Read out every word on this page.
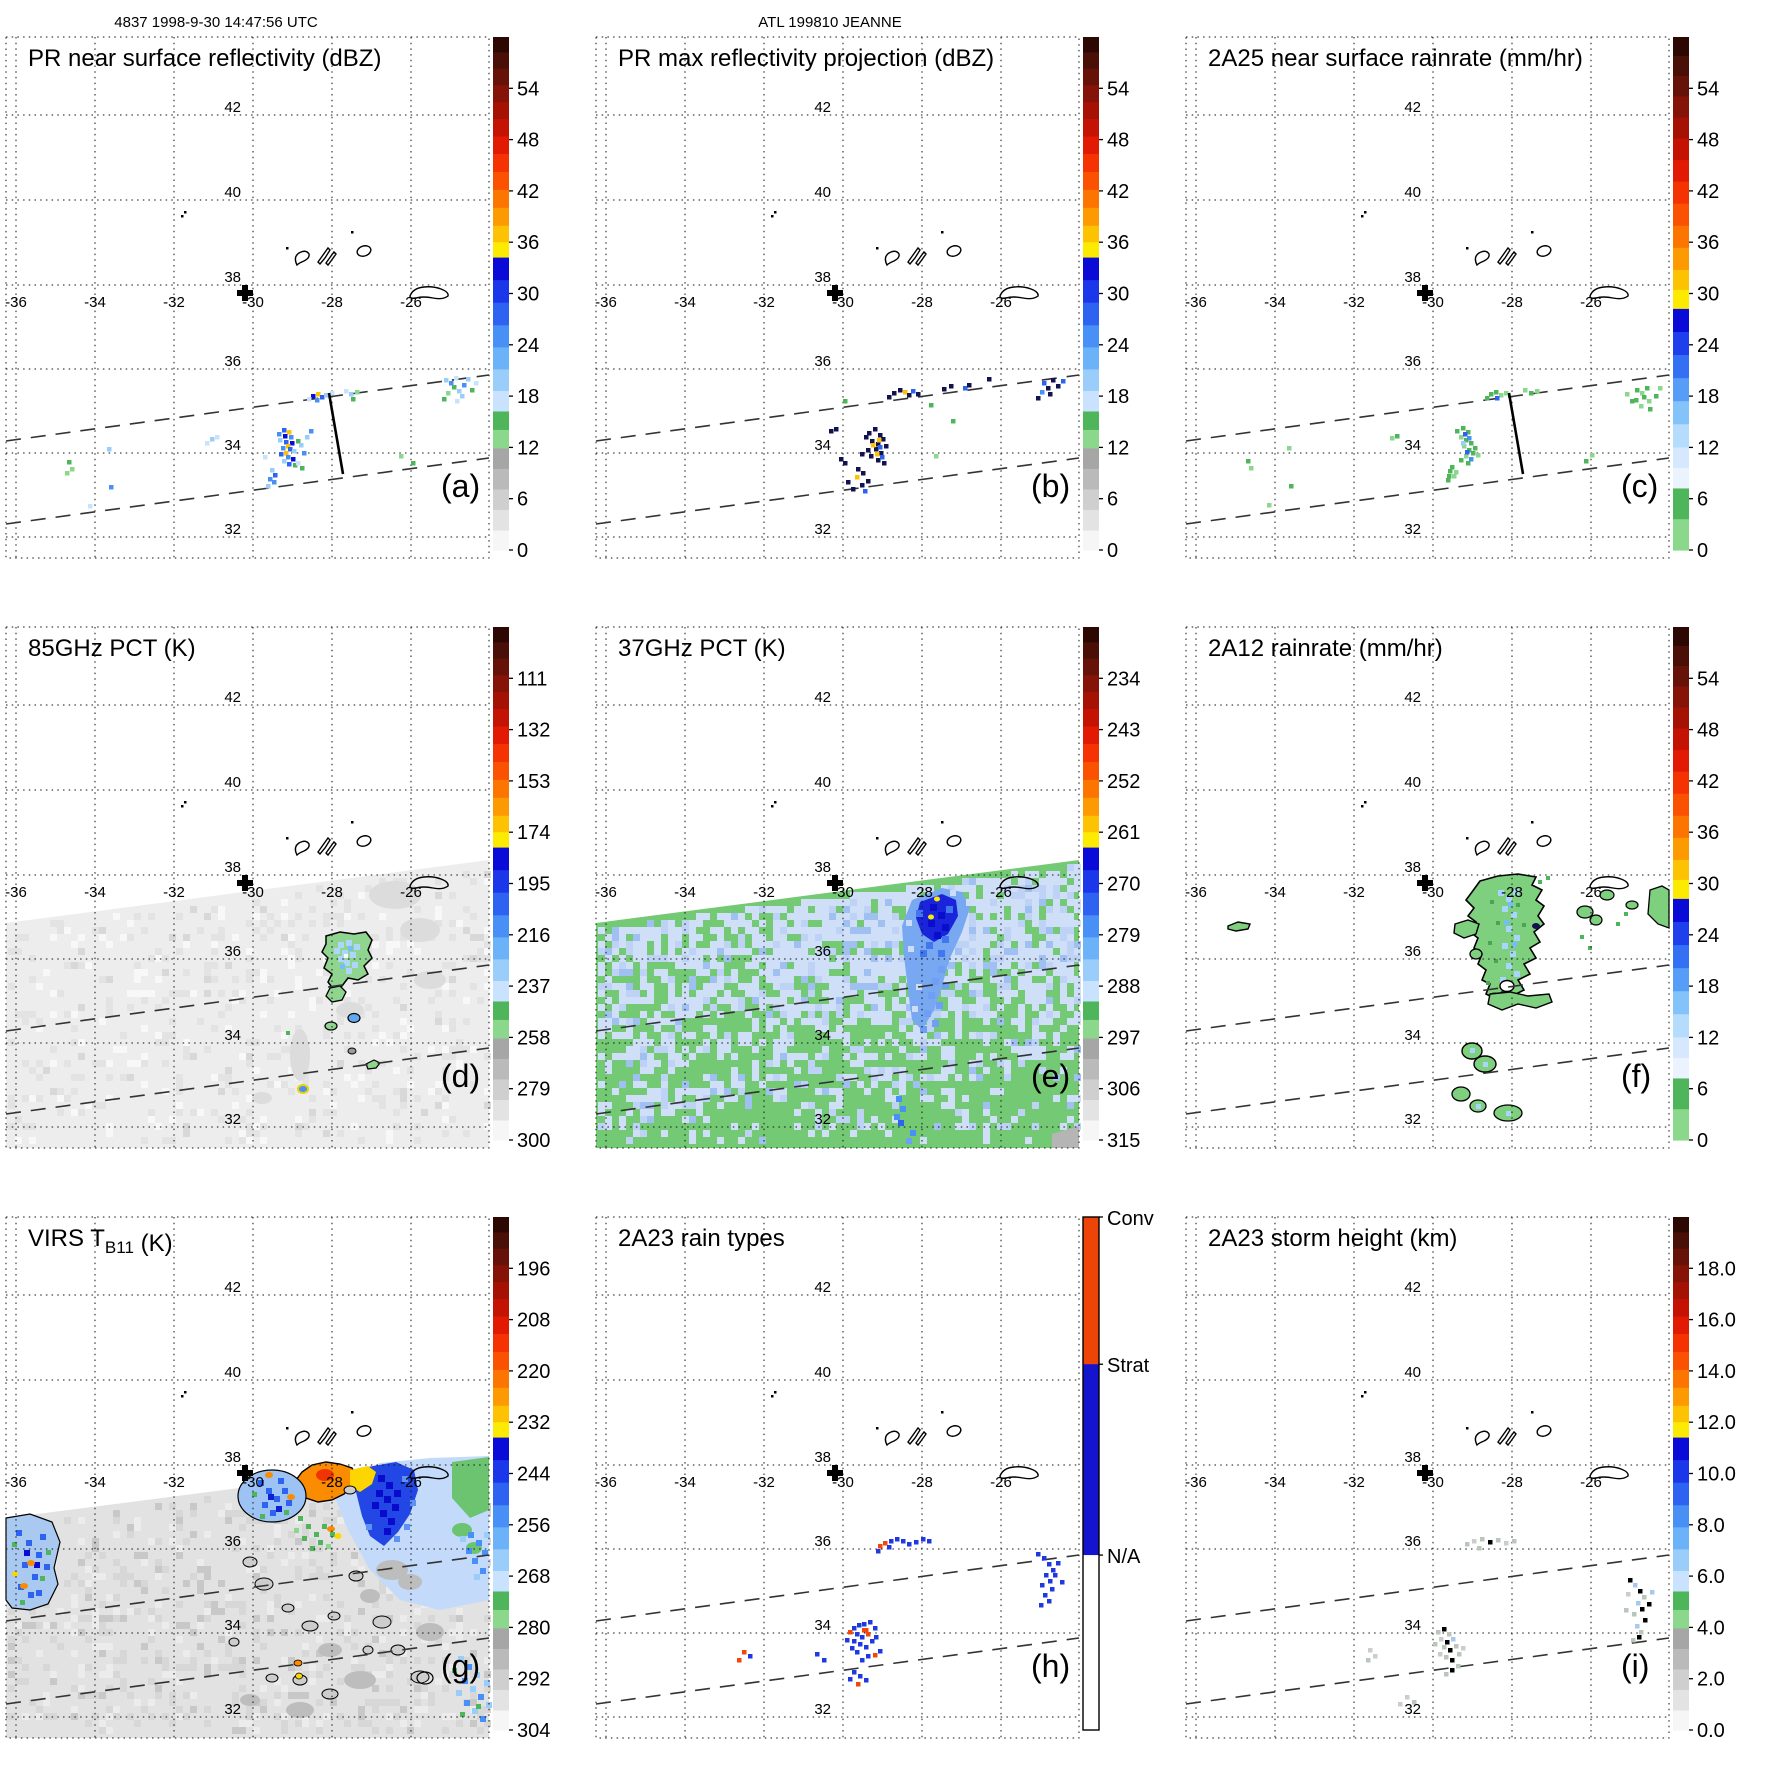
4837 1998-9-30 14:47:56 UTC	ATL 199810 JEANNE
-36	-34	-32	-30	-28	-26
42
40
38
36
34
32
PR near surface reflectivity (dBZ)
(a)
54
48
42
36
30
24
18
12
6
0
-36	-34	-32	-30	-28	-26
42
40
38
36
34
32
PR max reflectivity projection (dBZ)
(b)
54
48
42
36
30
24
18
12
6
0
-36	-34	-32	-30	-28	-26
42
40
38
36
34
32
2A25 near surface rainrate (mm/hr)
(c)
54
48
42
36
30
24
18
12
6
0
-36	-34	-32	-30	-28	-26
42
40
38
36
34
32
85GHz PCT (K)
(d)
111
132
153
174
195
216
237
258
279
300
-36	-34	-32	-30	-28	-26
42
40
38
36
34
32
37GHz PCT (K)
(e)
234
243
252
261
270
279
288
297
306
315
-36	-34	-32	-30	-28	-26
42
40
38
36
34
32
2A12 rainrate (mm/hr)
(f)
54
48
42
36
30
24
18
12
6
0
-36	-34	-32	-30	-28	-26
42
40
38
36
34
32
VIRS $T_{B11}$ (K)
(g)
196
208
220
232
244
256
268
280
292
304
-36	-34	-32	-30	-28	-26
42
40
38
36
34
32
2A23 rain types
(h)
Conv
Strat
N/A
-36	-34	-32	-30	-28	-26
42
40
38
36
34
32
2A23 storm height (km)
(i)
18.0
16.0
14.0
12.0
10.0
8.0
6.0
4.0
2.0
0.0
